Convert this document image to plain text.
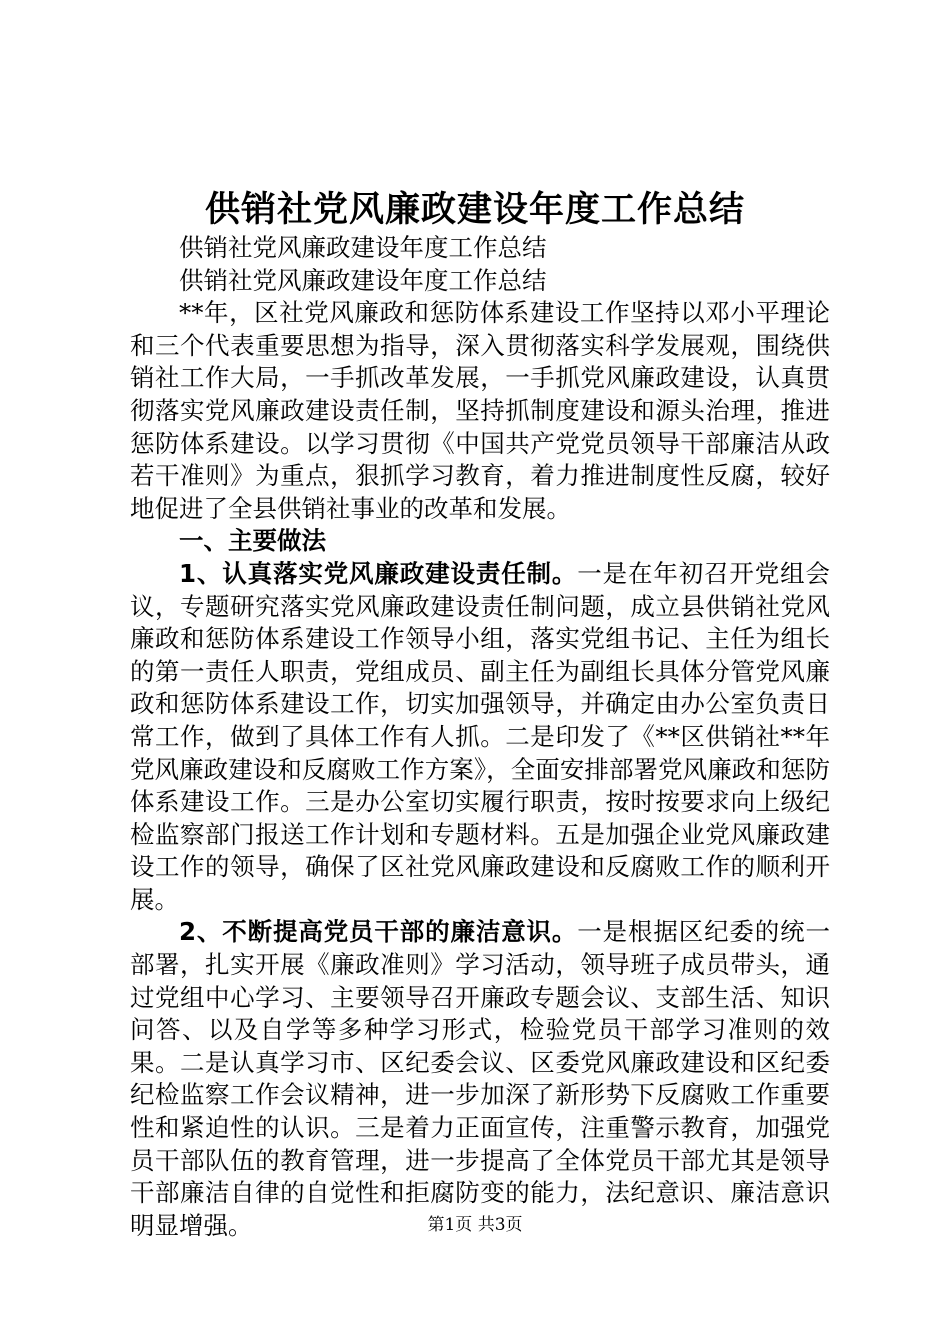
供销社党风廉政建设年度工作总结

供销社党风廉政建设年度工作总结

供销社党风廉政建设年度工作总结

**年，区社党风廉政和惩防体系建设工作坚持以邓小平理论和三个代表重要思想为指导，深入贯彻落实科学发展观，围绕供销社工作大局，一手抓改革发展，一手抓党风廉政建设，认真贯彻落实党风廉政建设责任制，坚持抓制度建设和源头治理，推进惩防体系建设。以学习贯彻《中国共产党党员领导干部廉洁从政若干准则》为重点，狠抓学习教育，着力推进制度性反腐，较好地促进了全县供销社事业的改革和发展。

一、主要做法

1、认真落实党风廉政建设责任制。一是在年初召开党组会议，专题研究落实党风廉政建设责任制问题，成立县供销社党风廉政和惩防体系建设工作领导小组，落实党组书记、主任为组长的第一责任人职责，党组成员、副主任为副组长具体分管党风廉政和惩防体系建设工作，切实加强领导，并确定由办公室负责日常工作，做到了具体工作有人抓。二是印发了《**区供销社**年党风廉政建设和反腐败工作方案》，全面安排部署党风廉政和惩防体系建设工作。三是办公室切实履行职责，按时按要求向上级纪检监察部门报送工作计划和专题材料。五是加强企业党风廉政建设工作的领导，确保了区社党风廉政建设和反腐败工作的顺利开展。

2、不断提高党员干部的廉洁意识。一是根据区纪委的统一部署，扎实开展《廉政准则》学习活动，领导班子成员带头，通过党组中心学习、主要领导召开廉政专题会议、支部生活、知识问答、以及自学等多种学习形式，检验党员干部学习准则的效果。二是认真学习市、区纪委会议、区委党风廉政建设和区纪委纪检监察工作会议精神，进一步加深了新形势下反腐败工作重要性和紧迫性的认识。三是着力正面宣传，注重警示教育，加强党员干部队伍的教育管理，进一步提高了全体党员干部尤其是领导干部廉洁自律的自觉性和拒腐防变的能力，法纪意识、廉洁意识明显增强。	第1页 共3页
